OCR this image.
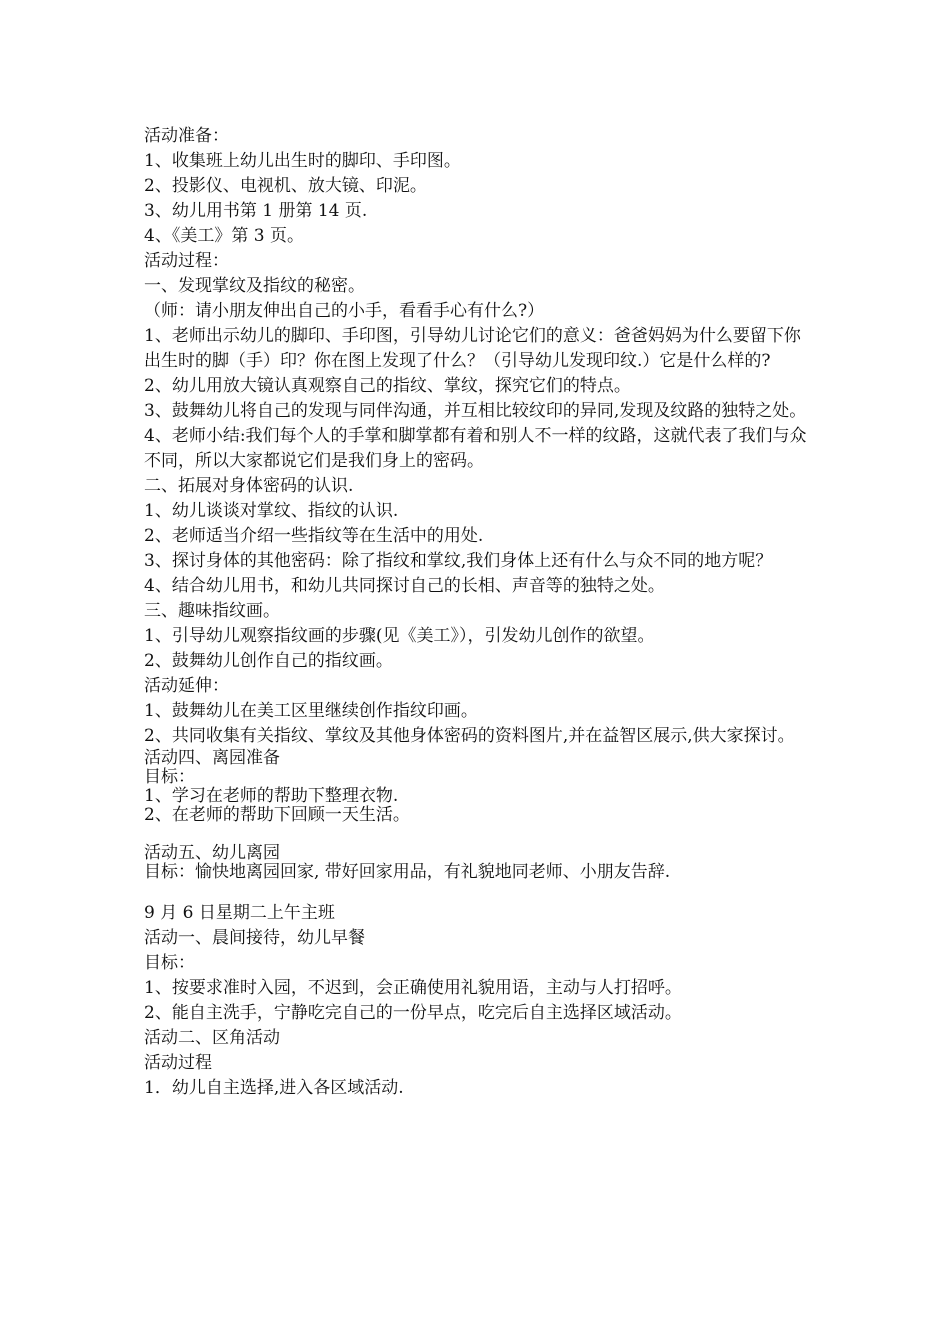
活动准备：

1、收集班上幼儿出生时的脚印、手印图。

2、投影仪、电视机、放大镜、印泥。

3、幼儿用书第 1 册第 14 页.

4、《美工》第 3 页。

活动过程：

一、发现掌纹及指纹的秘密。

（师：请小朋友伸出自己的小手，看看手心有什么?）

1、老师出示幼儿的脚印、手印图，引导幼儿讨论它们的意义：爸爸妈妈为什么要留下你出生时的脚（手）印？你在图上发现了什么？（引导幼儿发现印纹.）它是什么样的?

2、幼儿用放大镜认真观察自己的指纹、掌纹，探究它们的特点。

3、鼓舞幼儿将自己的发现与同伴沟通，并互相比较纹印的异同,发现及纹路的独特之处。

4、老师小结:我们每个人的手掌和脚掌都有着和别人不一样的纹路，这就代表了我们与众不同，所以大家都说它们是我们身上的密码。

二、拓展对身体密码的认识.

1、幼儿谈谈对掌纹、指纹的认识.

2、老师适当介绍一些指纹等在生活中的用处.

3、探讨身体的其他密码：除了指纹和掌纹,我们身体上还有什么与众不同的地方呢？

4、结合幼儿用书，和幼儿共同探讨自己的长相、声音等的独特之处。

三、趣味指纹画。

1、引导幼儿观察指纹画的步骤(见《美工》），引发幼儿创作的欲望。

2、鼓舞幼儿创作自己的指纹画。

活动延伸：

1、鼓舞幼儿在美工区里继续创作指纹印画。

2、共同收集有关指纹、掌纹及其他身体密码的资料图片,并在益智区展示,供大家探讨。

活动四、离园准备

目标：

1、学习在老师的帮助下整理衣物.

2、在老师的帮助下回顾一天生活。

活动五、幼儿离园

目标：愉快地离园回家, 带好回家用品，有礼貌地同老师、小朋友告辞.

9 月 6 日星期二上午主班

活动一、晨间接待，幼儿早餐

目标：

1、按要求准时入园，不迟到，会正确使用礼貌用语，主动与人打招呼。

2、能自主洗手，宁静吃完自己的一份早点，吃完后自主选择区域活动。

活动二、区角活动

活动过程

1．幼儿自主选择,进入各区域活动.
